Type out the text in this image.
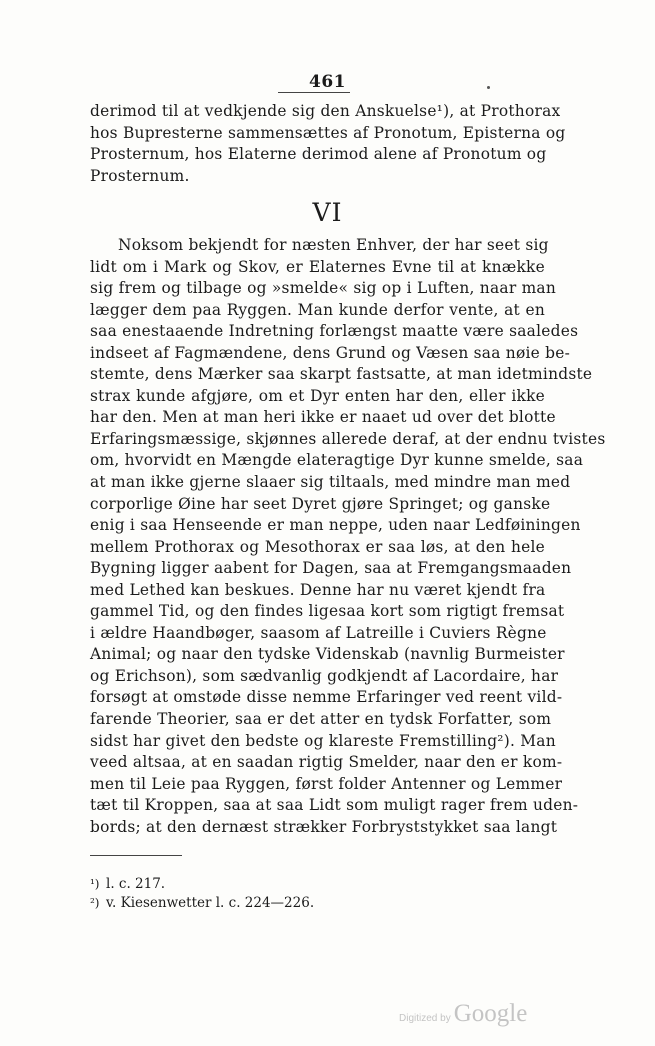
461
derimod til at vedkjende sig den Anskuelse¹), at Prothorax
hos Bupresterne sammensættes af Pronotum, Episterna og
Prosternum, hos Elaterne derimod alene af Pronotum og
Prosternum.
VI
Noksom bekjendt for næsten Enhver, der har seet sig
lidt om i Mark og Skov, er Elaternes Evne til at knække
sig frem og tilbage og »smelde« sig op i Luften, naar man
lægger dem paa Ryggen. Man kunde derfor vente, at en
saa enestaaende Indretning forlængst maatte være saaledes
indseet af Fagmændene, dens Grund og Væsen saa nøie be-
stemte, dens Mærker saa skarpt fastsatte, at man idetmindste
strax kunde afgjøre, om et Dyr enten har den, eller ikke
har den. Men at man heri ikke er naaet ud over det blotte
Erfaringsmæssige, skjønnes allerede deraf, at der endnu tvistes
om, hvorvidt en Mængde elateragtige Dyr kunne smelde, saa
at man ikke gjerne slaaer sig tiltaals, med mindre man med
corporlige Øine har seet Dyret gjøre Springet; og ganske
enig i saa Henseende er man neppe, uden naar Ledføiningen
mellem Prothorax og Mesothorax er saa løs, at den hele
Bygning ligger aabent for Dagen, saa at Fremgangsmaaden
med Lethed kan beskues. Denne har nu været kjendt fra
gammel Tid, og den findes ligesaa kort som rigtigt fremsat
i ældre Haandbøger, saasom af Latreille i Cuviers Règne
Animal; og naar den tydske Videnskab (navnlig Burmeister
og Erichson), som sædvanlig godkjendt af Lacordaire, har
forsøgt at omstøde disse nemme Erfaringer ved reent vild-
farende Theorier, saa er det atter en tydsk Forfatter, som
sidst har givet den bedste og klareste Fremstilling²). Man
veed altsaa, at en saadan rigtig Smelder, naar den er kom-
men til Leie paa Ryggen, først folder Antenner og Lemmer
tæt til Kroppen, saa at saa Lidt som muligt rager frem uden-
bords; at den dernæst strækker Forbryststykket saa langt
¹) l. c. 217.
²) v. Kiesenwetter l. c. 224—226.
Digitized by Google
